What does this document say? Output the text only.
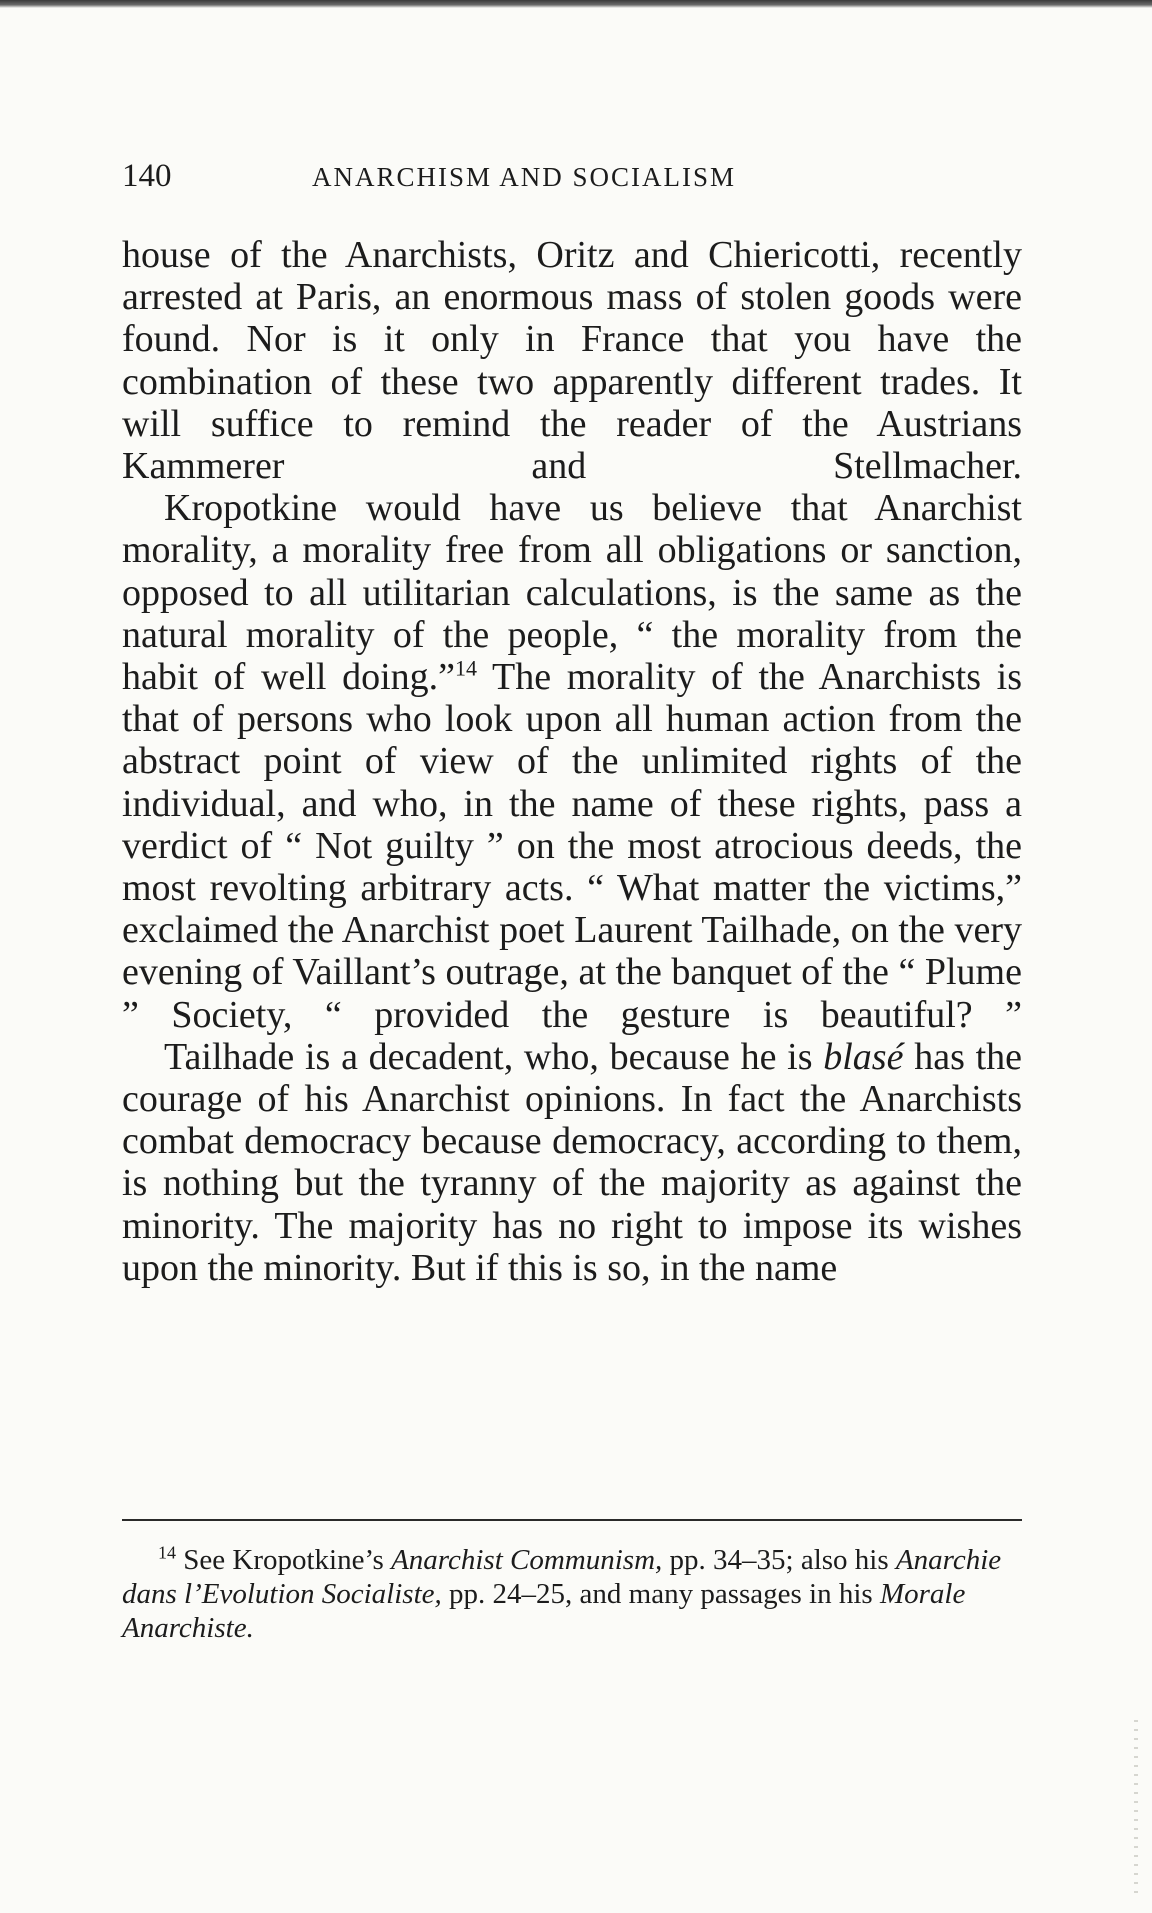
140	ANARCHISM AND SOCIALISM

house of the Anarchists, Oritz and Chiericotti, recently arrested at Paris, an enormous mass of stolen goods were found. Nor is it only in France that you have the combination of these two apparently different trades. It will suffice to remind the reader of the Austrians Kammerer and Stellmacher.

Kropotkine would have us believe that Anarchist morality, a morality free from all obligations or sanction, opposed to all utilitarian calculations, is the same as the natural morality of the people, “ the morality from the habit of well doing.”$^{14}$ The morality of the Anarchists is that of persons who look upon all human action from the abstract point of view of the unlimited rights of the individual, and who, in the name of these rights, pass a verdict of “ Not guilty ” on the most atrocious deeds, the most revolting arbitrary acts. “ What matter the victims,” exclaimed the Anarchist poet Laurent Tailhade, on the very evening of Vaillant’s outrage, at the banquet of the “ Plume ” Society, “ provided the gesture is beautiful? ”

Tailhade is a decadent, who, because he is blasé has the courage of his Anarchist opinions. In fact the Anarchists combat democracy because democracy, according to them, is nothing but the tyranny of the majority as against the minority. The majority has no right to impose its wishes upon the minority. But if this is so, in the name

$^{14}$ See Kropotkine’s Anarchist Communism, pp. 34–35; also his Anarchie dans l’Evolution Socialiste, pp. 24–25, and many passages in his Morale Anarchiste.
